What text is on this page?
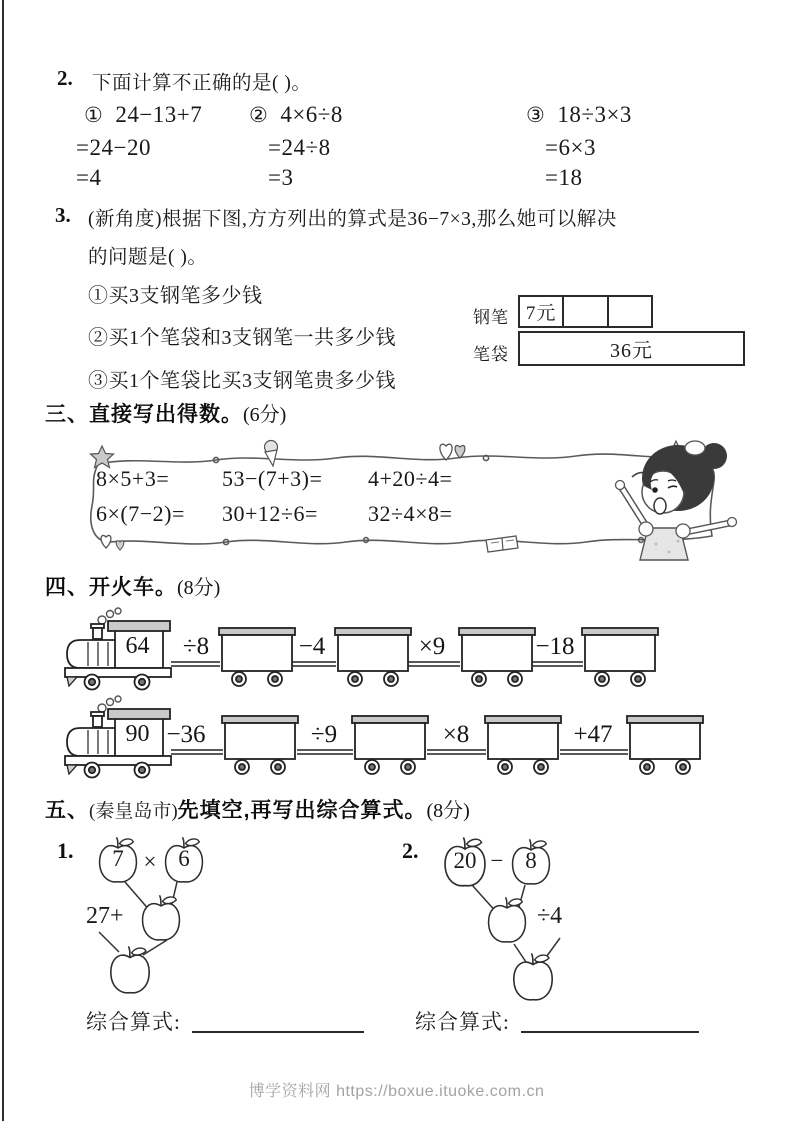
2. 下面计算不正确的是( )。
① 24−13+7
=24−20
=4
② 4×6÷8
=24÷8
=3
③ 18÷3×3
=6×3
=18
3. (新角度)根据下图,方方列出的算式是36−7×3,那么她可以解决
的问题是( )。
①买3支钢笔多少钱
②买1个笔袋和3支钢笔一共多少钱
③买1个笔袋比买3支钢笔贵多少钱
钢笔 7元
笔袋	36元
三、直接写出得数。(6分)
8×5+3= 53−(7+3)= 4+20÷4=
6×(7−2)= 30+12÷6= 32÷4×8=
四、开火车。(8分)
64	÷8	−4	×9	−18
90 −36	÷9	×8	+47
五、(秦皇岛市)先填空,再写出综合算式。(8分)
1.	7 × 6
27+
综合算式:
2. 20 − 8
÷4
综合算式:
博学资料网 https://boxue.ituoke.com.cn
